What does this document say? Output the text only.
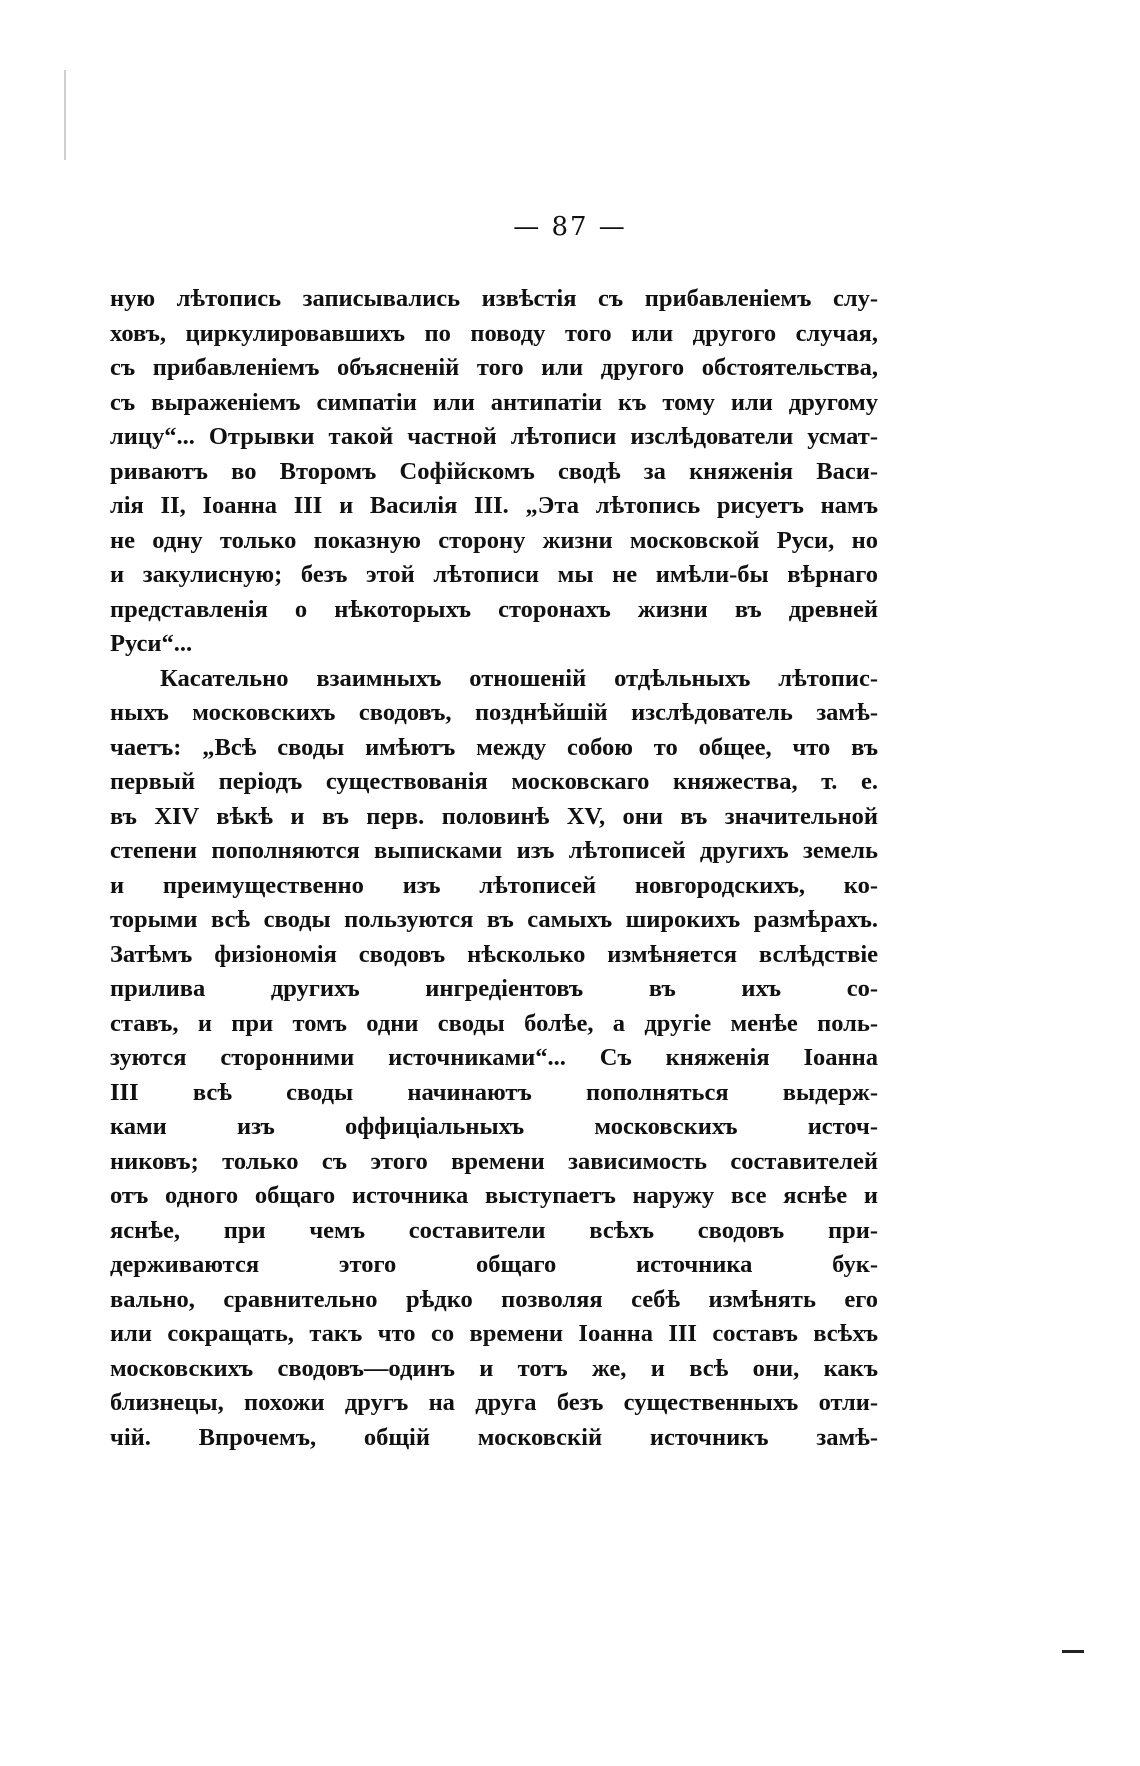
— 87 —
ную лѣтопись записывались извѣстія съ прибавленіемъ слу-
ховъ, циркулировавшихъ по поводу того или другого случая,
съ прибавленіемъ объясненій того или другого обстоятельства,
съ выраженіемъ симпатіи или антипатіи къ тому или другому
лицу“... Отрывки такой частной лѣтописи изслѣдователи усмат-
риваютъ во Второмъ Софійскомъ сводѣ за княженія Васи-
лія II, Іоанна III и Василія III. „Эта лѣтопись рисуетъ намъ
не одну только показную сторону жизни московской Руси, но
и закулисную; безъ этой лѣтописи мы не имѣли-бы вѣрнаго
представленія о нѣкоторыхъ сторонахъ жизни въ древней
Руси“...
Касательно взаимныхъ отношеній отдѣльныхъ лѣтопис-
ныхъ московскихъ сводовъ, позднѣйшій изслѣдователь замѣ-
чаетъ: „Всѣ своды имѣютъ между собою то общее, что въ
первый періодъ существованія московскаго княжества, т. е.
въ XIV вѣкѣ и въ перв. половинѣ XV, они въ значительной
степени пополняются выписками изъ лѣтописей другихъ земель
и преимущественно изъ лѣтописей новгородскихъ, ко-
торыми всѣ своды пользуются въ самыхъ широкихъ размѣрахъ.
Затѣмъ физіономія сводовъ нѣсколько измѣняется вслѣдствіе
прилива другихъ ингредіентовъ въ ихъ со-
ставъ, и при томъ одни своды болѣе, а другіе менѣе поль-
зуются сторонними источниками“... Съ княженія Іоанна
III всѣ своды начинаютъ пополняться выдерж-
ками изъ оффиціальныхъ московскихъ источ-
никовъ; только съ этого времени зависимость составителей
отъ одного общаго источника выступаетъ наружу все яснѣе и
яснѣе, при чемъ составители всѣхъ сводовъ при-
держиваются этого общаго источника бук-
вально, сравнительно рѣдко позволяя себѣ измѣнять его
или сокращать, такъ что со времени Іоанна III составъ всѣхъ
московскихъ сводовъ—одинъ и тотъ же, и всѣ они, какъ
близнецы, похожи другъ на друга безъ существенныхъ отли-
чій. Впрочемъ, общій московскій источникъ замѣ-
